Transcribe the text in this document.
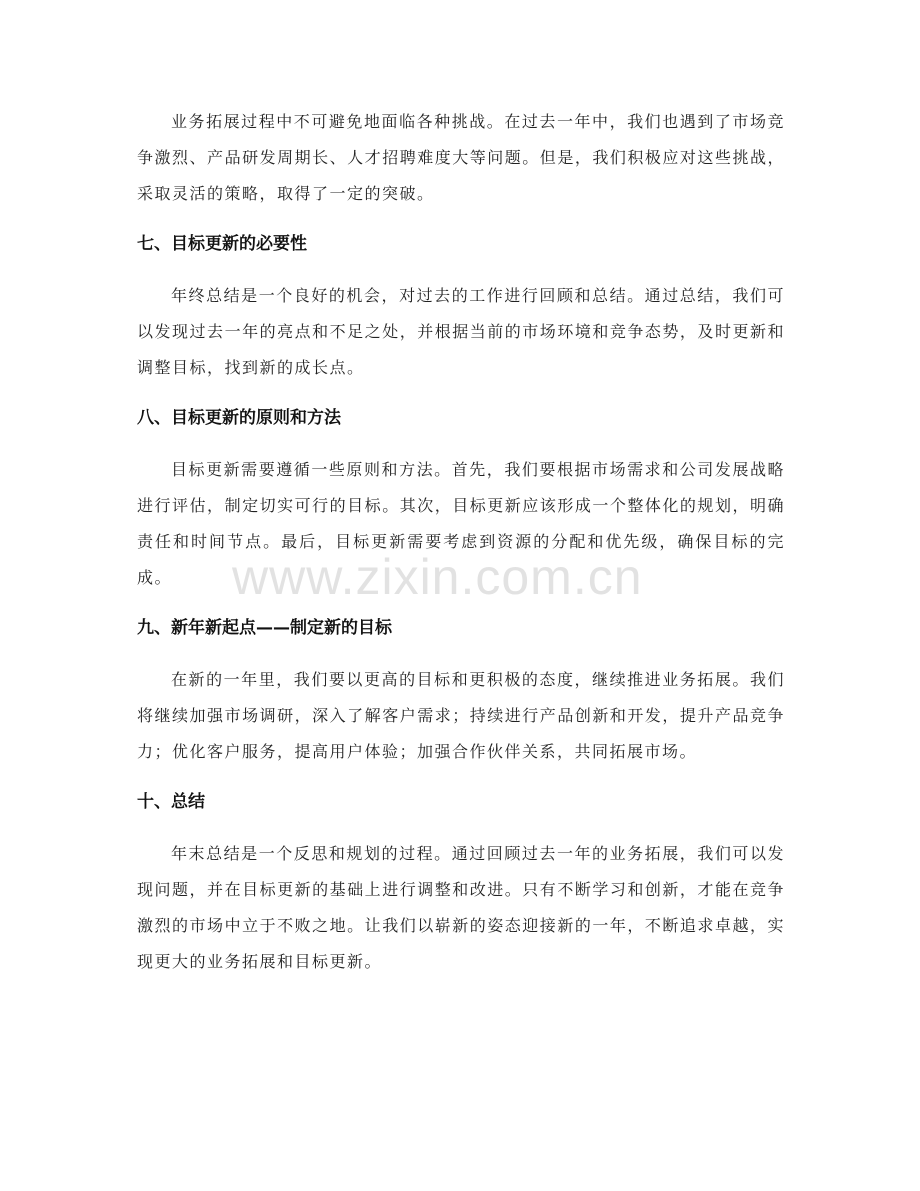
业务拓展过程中不可避免地面临各种挑战。在过去一年中，我们也遇到了市场竞争激烈、产品研发周期长、人才招聘难度大等问题。但是，我们积极应对这些挑战，采取灵活的策略，取得了一定的突破。

七、目标更新的必要性

年终总结是一个良好的机会，对过去的工作进行回顾和总结。通过总结，我们可以发现过去一年的亮点和不足之处，并根据当前的市场环境和竞争态势，及时更新和调整目标，找到新的成长点。

八、目标更新的原则和方法

目标更新需要遵循一些原则和方法。首先，我们要根据市场需求和公司发展战略进行评估，制定切实可行的目标。其次，目标更新应该形成一个整体化的规划，明确责任和时间节点。最后，目标更新需要考虑到资源的分配和优先级，确保目标的完成。

九、新年新起点——制定新的目标

在新的一年里，我们要以更高的目标和更积极的态度，继续推进业务拓展。我们将继续加强市场调研，深入了解客户需求；持续进行产品创新和开发，提升产品竞争力；优化客户服务，提高用户体验；加强合作伙伴关系，共同拓展市场。

十、总结

年末总结是一个反思和规划的过程。通过回顾过去一年的业务拓展，我们可以发现问题，并在目标更新的基础上进行调整和改进。只有不断学习和创新，才能在竞争激烈的市场中立于不败之地。让我们以崭新的姿态迎接新的一年，不断追求卓越，实现更大的业务拓展和目标更新。

www.zixin.com.cn
